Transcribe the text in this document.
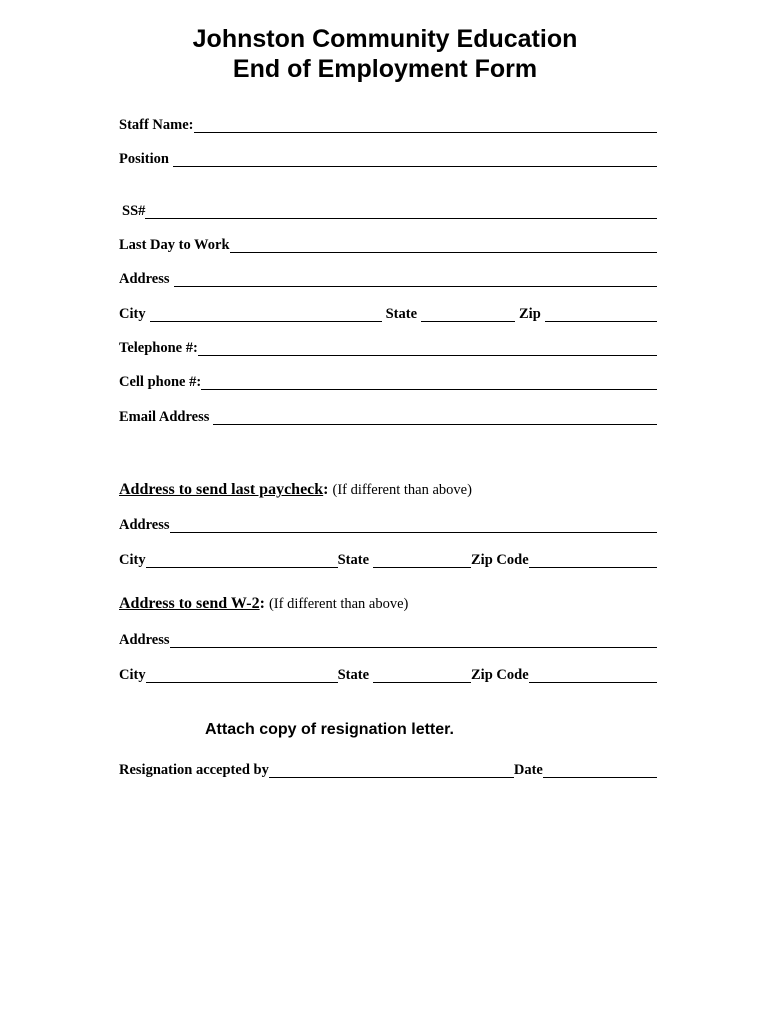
Johnston Community Education
End of Employment Form
Staff Name:
Position
SS#
Last Day to Work
Address
City	State	Zip
Telephone #:
Cell phone #:
Email Address
Address to send last paycheck: (If different than above)
Address
City	State	Zip Code
Address to send W-2: (If different than above)
Address
City	State	Zip Code
Attach copy of resignation letter.
Resignation accepted by	Date
